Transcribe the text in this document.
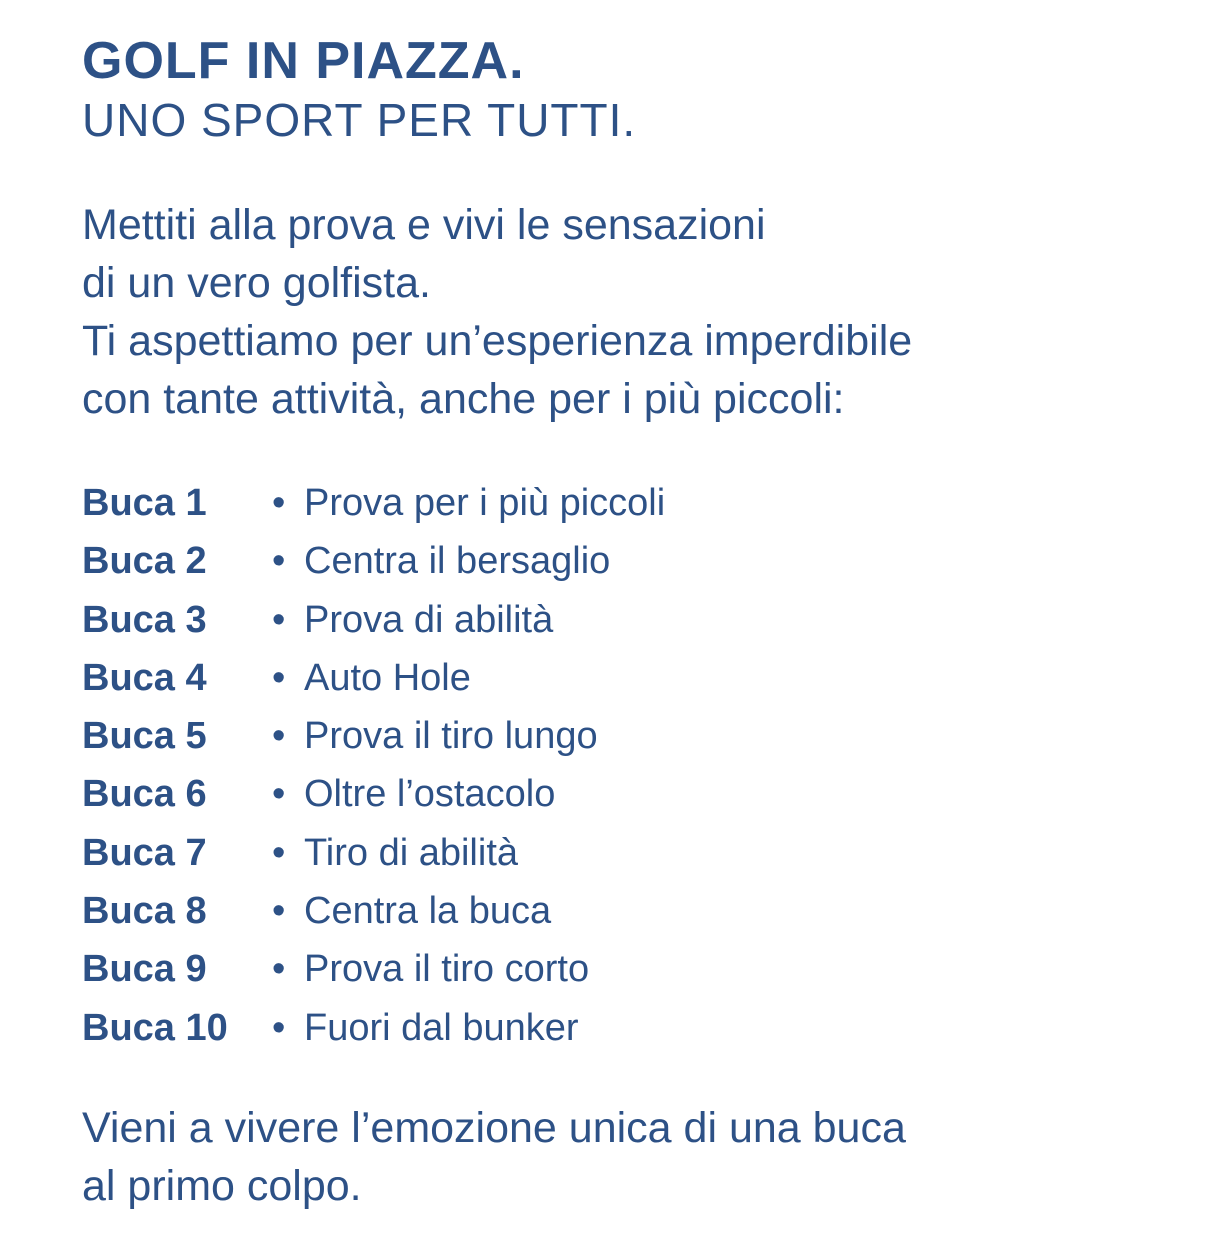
GOLF IN PIAZZA.
UNO SPORT PER TUTTI.
Mettiti alla prova e vivi le sensazioni
di un vero golfista.
Ti aspettiamo per un’esperienza imperdibile
con tante attività, anche per i più piccoli:
Buca 1	• Prova per i più piccoli
Buca 2	• Centra il bersaglio
Buca 3	• Prova di abilità
Buca 4	• Auto Hole
Buca 5	• Prova il tiro lungo
Buca 6	• Oltre l’ostacolo
Buca 7	• Tiro di abilità
Buca 8	• Centra la buca
Buca 9	• Prova il tiro corto
Buca 10	• Fuori dal bunker
Vieni a vivere l’emozione unica di una buca
al primo colpo.
